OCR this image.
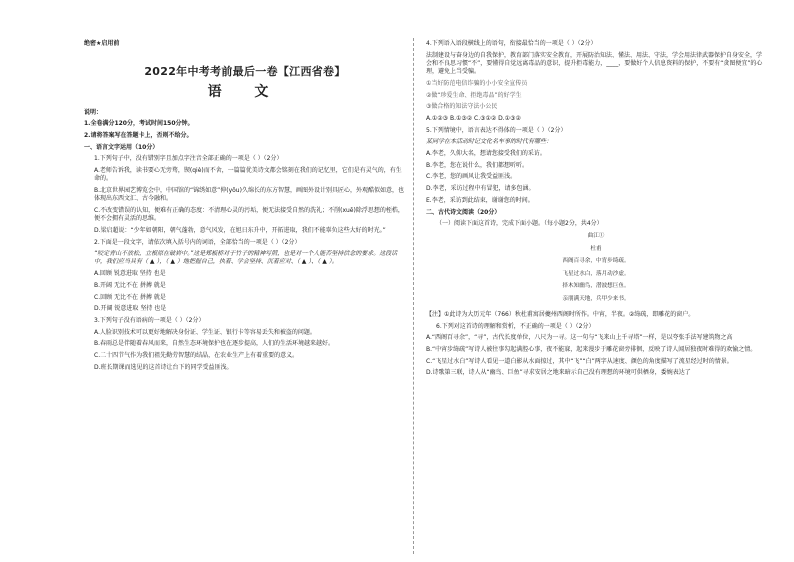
绝密★启用前
2022年中考考前最后一卷【江西省卷】
语 文
说明：
1.全卷满分120分，考试时间150分钟。
2.请将答案写在答题卡上，否则不给分。
一、语言文字运用（10分）
1.下列句子中，没有错别字且加点字注音全部正确的一项是（ ）（2分）
A.老师告诉我，读书要心无旁骛，锲(qiè)而不舍，一篇篇优美诗文都会铭刻在我们的记忆里，它们是有灵气的，有生命的。
B.北京世界园艺博览会中，中国馆的“锦绣如意”伸(yōu)久绵长的东方智慧，画图外设计别具匠心，外观酷似如意，也体现出东西文汇、古今融和。
C.不改变错误的认知，便难有正确的态度：不清理心灵的污垢，便无法接受自然的洗礼；不削(xuē)除浮思想的桎梏，便不会拥有灵活的思维。
D.梁启超说：“少年如朝阳，朝气蓬勃，意气风发，在旭日东升中，开拓进取，我们不能辜负这些大好的时光。”
2.下面是一段文字，请依次填入括号内的词语，全部恰当的一项是（ ）（2分）
“咬定青山不放松，立根原在破岩中。”这是郑板桥对于竹子的精神写照，也是对一个人能否坚持信念的要求。这段话中，我们应当具有（ ▲ ），（ ▲ ）地把握自己，执着、学会坚持、沉着应对、（ ▲ ）、（ ▲ ）。
A.回顾 锐意进取 坚持 也是
B.开阔 无比不在 拼搏 就是
C.回顾 无比不在 拼搏 就是
D.开阔 锐意进取 坚持 也是
3.下列句子没有语病的一项是（ ）（2分）
A.人脸识别技术可以更好地解决身份证、学生证、银行卡等容易丢失和被盗的问题。
B.春雨总是伴随着春风而来，自然生态环境保护也在逐步提高，人们的生活环境越来越好。
C.二十四节气作为我们祖先勤劳智慧的结晶，在农业生产上有着重要的意义。
D.班长期课而选见的这首诗让台下的同学受益匪浅。
4.下列语入语段横线上的语句，衔接最恰当的一项是（ ）（2分）
法制建设与奋身边的自我保护，教育部门落实安全教育，开展防治知法、懂法、用法、守法，学会用法律武器保护自身安全，学会和不良思习惯“不”，要懂得自觉远离毒品的意识，提升拒毒能力，____，要做好个人信息资料的保护，不要有“贪图便宜”的心理，避免上当受骗。
①当好防范电信诈骗的小小安全宣传员
②做“珍爱生命、拒绝毒品”的好学生
③做合格的知法守法小公民
A.①②③ B.①③② C.③①② D.①③②
5.下列情境中，语言表达不得体的一项是（ ）（2分）
某同学在本活动时记文化名车事的时代有哪些：
A.李老，久仰大名，想请您接受我们的采访。
B.李老，您在说什么，我们都想听听。
C.李老，您的画风让我受益匪浅。
D.李老，采访过程中有冒犯，请多包涵。
E.李老，采访到此结束，谢谢您的时间。
二、古代诗文阅读（20分）
（一）阅读下面这首诗，完成下面小题。（每小题2分，共4分）
曲江①
杜甫
西阁百寻余，中宵步绮疏。
飞星过水白，落月动沙虚。
择木知幽鸟，潜波想巨鱼。
亲朋满天地，兵甲少来书。
【注】①此诗为大历元年（766）秋杜甫寓居夔州西阁时所作。中宵，半夜。②绮疏，即雕花的窗户。
6.下列对这首诗的理解和赏析，不正确的一项是（ ）（2分）
A.“西阁百寻余”，“寻”，古代长度单位，八尺为一寻。这一句与“飞来山上千寻塔”一样，是以夸张手法写建筑物之高
B.“中宵步绮疏”写诗人被往事勾起满腔心事，夜不能寐，起来漫步于雕花窗旁徘徊，反映了诗人闻居独夜时难得的欢愉之情。
C.“飞星过水白”写诗人看见一道白影从水面掠过，其中“飞”“白”两字从速度、颜色的角度描写了流星经过时的情景。
D.诗歌第三联，诗人从“幽鸟、巨鱼”寻求安居之地来暗示自己没有理想的环境可供栖身，委婉表达了
